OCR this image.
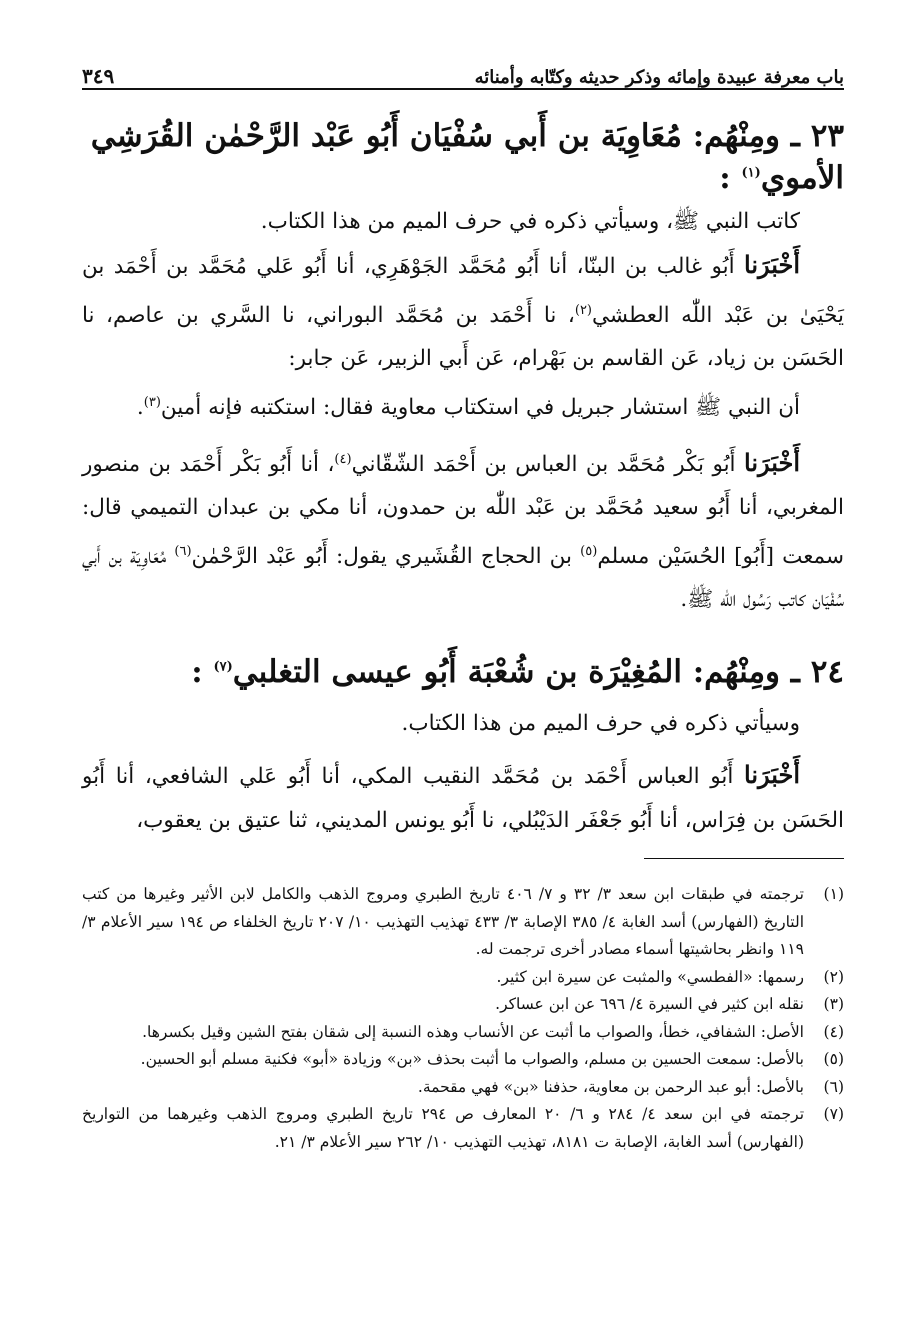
باب معرفة عبيدة وإمائه وذكر حديثه وكتّابه وأمنائه
٣٤٩
٢٣ ـ ومِنْهُم: مُعَاوِيَة بن أَبي سُفْيَان أَبُو عَبْد الرَّحْمٰن القُرَشِي الأموي$^{(١)}$ :

كاتب النبي ﷺ، وسيأتي ذكره في حرف الميم من هذا الكتاب.

أَخْبَرَنا أَبُو غالب بن البنّا، أنا أَبُو مُحَمَّد الجَوْهَرِي، أنا أَبُو عَلي مُحَمَّد بن أَحْمَد بن يَحْيَىٰ بن عَبْد اللّٰه العطشي$^{(٢)}$، نا أَحْمَد بن مُحَمَّد البوراني، نا السَّري بن عاصم، نا الحَسَن بن زياد، عَن القاسم بن بَهْرام، عَن أَبي الزبير، عَن جابر:

أن النبي ﷺ استشار جبريل في استكتاب معاوية فقال: استكتبه فإنه أمين$^{(٣)}$.

أَخْبَرَنا أَبُو بَكْر مُحَمَّد بن العباس بن أَحْمَد الشّقّاني$^{(٤)}$، أنا أَبُو بَكْر أَحْمَد بن منصور المغربي، أنا أَبُو سعيد مُحَمَّد بن عَبْد اللّٰه بن حمدون، أنا مكي بن عبدان التميمي قال: سمعت [أَبُو] الحُسَيْن مسلم$^{(٥)}$ بن الحجاج القُشَيري يقول: أَبُو عَبْد الرَّحْمٰن$^{(٦)}$ مُعَاوِيَة بن أَبي سُفْيَان كاتب رَسُول الله ﷺ.

٢٤ ـ ومِنْهُم: المُغِيْرَة بن شُعْبَة أَبُو عيسى التغلبي$^{(٧)}$ :

وسيأتي ذكره في حرف الميم من هذا الكتاب.

أَخْبَرَنا أَبُو العباس أَحْمَد بن مُحَمَّد النقيب المكي، أنا أَبُو عَلي الشافعي، أنا أَبُو الحَسَن بن فِرَاس، أنا أَبُو جَعْفَر الدَيْبُلي، نا أَبُو يونس المديني، ثنا عتيق بن يعقوب،

(١)
ترجمته في طبقات ابن سعد ٣/ ٣٢ و ٧/ ٤٠٦ تاريخ الطبري ومروج الذهب والكامل لابن الأثير وغيرها من كتب التاريخ (الفهارس) أسد الغابة ٤/ ٣٨٥ الإصابة ٣/ ٤٣٣ تهذيب التهذيب ١٠/ ٢٠٧ تاريخ الخلفاء ص ١٩٤ سير الأعلام ٣/ ١١٩ وانظر بحاشيتها أسماء مصادر أخرى ترجمت له.
(٢)
رسمها: «الفطسي» والمثبت عن سيرة ابن كثير.
(٣)
نقله ابن كثير في السيرة ٤/ ٦٩٦ عن ابن عساكر.
(٤)
الأصل: الشفافي، خطأ، والصواب ما أثبت عن الأنساب وهذه النسبة إلى شقان بفتح الشين وقيل بكسرها.
(٥)
بالأصل: سمعت الحسين بن مسلم، والصواب ما أثبت بحذف «بن» وزيادة «أبو» فكنية مسلم أبو الحسين.
(٦)
بالأصل: أبو عبد الرحمن بن معاوية، حذفنا «بن» فهي مقحمة.
(٧)
ترجمته في ابن سعد ٤/ ٢٨٤ و ٦/ ٢٠ المعارف ص ٢٩٤ تاريخ الطبري ومروج الذهب وغيرهما من التواريخ (الفهارس) أسد الغابة، الإصابة ت ٨١٨١، تهذيب التهذيب ١٠/ ٢٦٢ سير الأعلام ٣/ ٢١.
